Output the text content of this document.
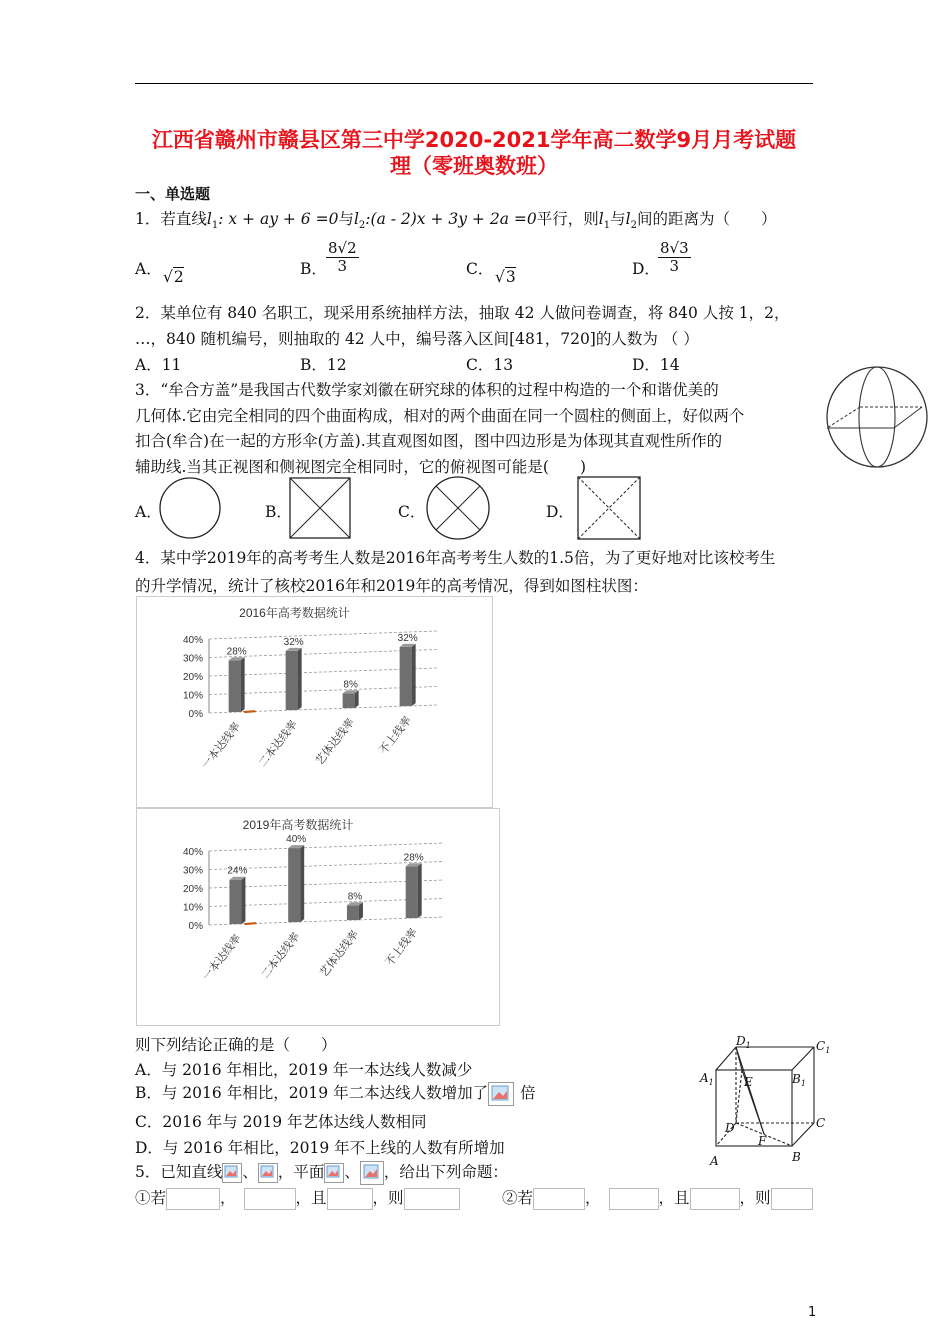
江西省赣州市赣县区第三中学2020-2021学年高二数学9月月考试题
理（零班奥数班）
一、单选题
1．若直线$l_1$: x + ay + 6 =0与$l_2:(a - 2)x + 3y + 2a =0$平行，则$l_1$与$l_2$间的距离为（　　）
A． √2	B． $\frac{8√2}{3}$	C． √3	D．
$\frac{8√3}{3}$
2．某单位有 840 名职工，现采用系统抽样方法，抽取 42 人做问卷调查，将 840 人按 1，2，
…，840 随机编号，则抽取的 42 人中，编号落入区间[481，720]的人数为 （ ）
A．11	B．12	C．13	D．14
3．“牟合方盖”是我国古代数学家刘徽在研究球的体积的过程中构造的一个和谐优美的
几何体.它由完全相同的四个曲面构成，相对的两个曲面在同一个圆柱的侧面上，好似两个
扣合(牟合)在一起的方形伞(方盖).其直观图如图，图中四边形是为体现其直观性所作的
辅助线.当其正视图和侧视图完全相同时，它的俯视图可能是(　　)
A．	B．	C．	D．
4．某中学2019年的高考考生人数是2016年高考考生人数的1.5倍，为了更好地对比该校考生
的升学情况，统计了核校2016年和2019年的高考情况，得到如图柱状图：
2016年高考数据统计
40%
30%
20%
10%
0%
28%
一本达线率
32%
二本达线率
8%
艺体达线率
32%
不上线率
2019年高考数据统计
40%
30%
20%
10%
0%
24%
一本达线率
40%
二本达线率
8%
艺体达线率
28%
不上线率
则下列结论正确的是（　　）
A．与 2016 年相比，2019 年一本达线人数减少
B．与 2016 年相比，2019 年二本达线人数增加了 倍
C．2016 年与 2019 年艺体达线人数相同
D．与 2016 年相比，2019 年不上线的人数有所增加
$D_1$	$C_1$
$A_1$	$B_1$
E
D
F
C
A	B
5．已知直线 、 ，平面 、 ，给出下列命题：
①若	，	，且	，则	②若	，	，且	，则
1
